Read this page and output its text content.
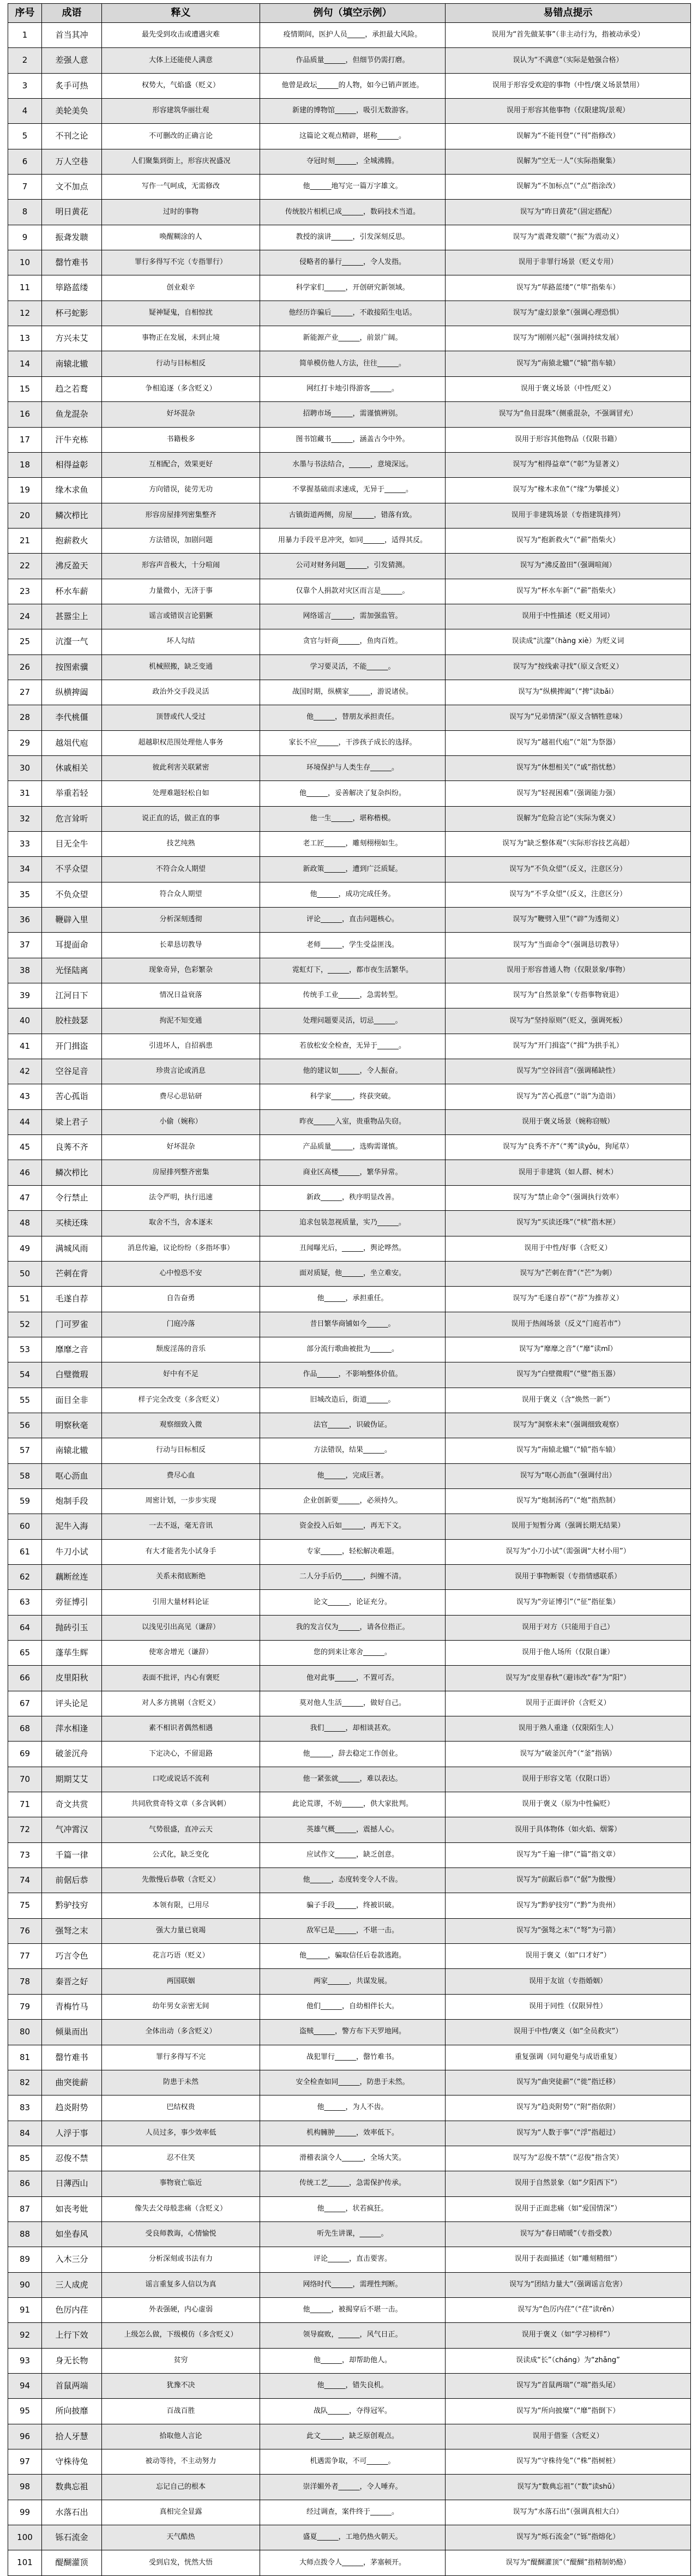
序号	成语	释义	例句（填空示例）	易错点提示
1	首当其冲	最先受到攻击或遭遇灾难	疫情期间，医护人员_____，承担最大风险。	误用为“首先做某事”（非主动行为，指被动承受）
2	差强人意	大体上还能使人满意	作品质量______，但细节仍需打磨。	误认为“不满意”（实际是勉强合格）
3	炙手可热	权势大，气焰盛（贬义）	他曾是政坛______的人物，如今已销声匿迹。	误用于形容受欢迎的事物（中性/褒义场景禁用）
4	美轮美奂	形容建筑华丽壮观	新建的博物馆______，吸引无数游客。	误用于形容其他事物（仅限建筑/景观）
5	不刊之论	不可删改的正确言论	这篇论文观点精辟，堪称______。	误解为“不能刊登”（“刊”指修改）
6	万人空巷	人们聚集到街上，形容庆祝盛况	夺冠时刻______，全城沸腾。	误解为“空无一人”（实际指聚集）
7	文不加点	写作一气呵成，无需修改	他______地写完一篇万字雄文。	误解为“不加标点”（“点”指涂改）
8	明日黄花	过时的事物	传统胶片相机已成______，数码技术当道。	误写为“昨日黄花”（固定搭配）
9	振聋发聩	唤醒糊涂的人	教授的演讲______，引发深刻反思。	误写为“震聋发聩”（“振”为震动义）
10	罄竹难书	罪行多得写不完（专指罪行）	侵略者的暴行______，令人发指。	误用于非罪行场景（贬义专用）
11	筚路蓝缕	创业艰辛	科学家们______，开创研究新领域。	误写为“荜路蓝缕”（“筚”指柴车）
12	杯弓蛇影	疑神疑鬼，自相惊扰	他经历诈骗后______，不敢接陌生电话。	误写为“虚幻景象”（强调心理恐惧）
13	方兴未艾	事物正在发展，未到止境	新能源产业______，前景广阔。	误写为“刚刚兴起”（强调持续发展）
14	南辕北辙	行动与目标相反	简单模仿他人方法，往往______。	误写为“南猿北辙”（“辕”指车辕）
15	趋之若鹜	争相追逐（多含贬义）	网红打卡地引得游客______。	误用于褒义场景（中性/贬义）
16	鱼龙混杂	好坏混杂	招聘市场______，需谨慎辨别。	误写为“鱼目混珠”（侧重混杂，不强调冒充）
17	汗牛充栋	书籍极多	图书馆藏书______，涵盖古今中外。	误用于形容其他物品（仅限书籍）
18	相得益彰	互相配合，效果更好	水墨与书法结合，______，意境深远。	误写为“相得益章”（“彰”为显著义）
19	缘木求鱼	方向错误，徒劳无功	不掌握基础而求速成，无异于______。	误写为“椽木求鱼”（“缘”为攀援义）
20	鳞次栉比	形容房屋排列密集整齐	古镇街道两侧，房屋______，错落有致。	误用于非建筑场景（专指建筑排列）
21	抱薪救火	方法错误，加剧问题	用暴力手段平息冲突，如同______，适得其反。	误写为“抱新救火”（“薪”指柴火）
22	沸反盈天	形容声音极大，十分喧闹	公司对财务问题______，引发猜测。	误写为“沸反盈田”（强调喧闹）
23	杯水车薪	力量微小，无济于事	仅靠个人捐款对灾区而言是______。	误写为“杯水车新”（“薪”指柴火）
24	甚嚣尘上	谣言或错误言论猖獗	网络谣言______，需加强监管。	误用于中性描述（贬义用词）
25	沆瀣一气	坏人勾结	贪官与奸商______，鱼肉百姓。	误读成“沆瀣”（hàng xiè）为贬义词
26	按图索骥	机械照搬，缺乏变通	学习要灵活，不能______。	误写为“按线索寻找”（原义含贬义）
27	纵横捭阖	政治外交手段灵活	战国时期，纵横家______，游说诸侯。	误写为“纵横捭阖”（“捭”读bǎi）
28	李代桃僵	顶替或代人受过	他______，替朋友承担责任。	误写为“兄弟情深”（原义含牺牲意味）
29	越俎代庖	超越职权范围处理他人事务	家长不应______，干涉孩子成长的选择。	误写为“越祖代庖”（“俎”为祭器）
30	休戚相关	彼此利害关联紧密	环境保护与人类生存______。	误写为“休想相关”（“戚”指忧愁）
31	举重若轻	处理难题轻松自如	他______，妥善解决了复杂纠纷。	误写为“轻视困难”（强调能力强）
32	危言耸听	说正直的话，做正直的事	他一生______，堪称楷模。	误解为“危险言论”（实际为褒义）
33	目无全牛	技艺纯熟	老工匠______，雕刻栩栩如生。	误写为“缺乏整体观”（实际形容技艺高超）
34	不孚众望	不符合众人期望	新政策______，遭到广泛质疑。	误写为“不负众望”（反义，注意区分）
35	不负众望	符合众人期望	他______，成功完成任务。	误写为“不孚众望”（反义，注意区分）
36	鞭辟入里	分析深刻透彻	评论______，直击问题核心。	误写为“鞭劈入里”（“辟”为透彻义）
37	耳提面命	长辈恳切教导	老师______，学生受益匪浅。	误写为“当面命令”（强调恳切教导）
38	光怪陆离	现象奇异，色彩繁杂	霓虹灯下，______，都市夜生活繁华。	误用于形容普通人物（仅限景象/事物）
39	江河日下	情况日益衰落	传统手工业______，急需转型。	误写为“自然景象”（专指事物衰退）
40	胶柱鼓瑟	拘泥不知变通	处理问题要灵活，切忌______。	误写为“坚持原则”（贬义，强调死板）
41	开门揖盗	引进坏人，自招祸患	若放松安全检查，无异于______。	误写为“开门揖盗”（“揖”为拱手礼）
42	空谷足音	珍贵言论或消息	他的建议如______，令人振奋。	误写为“空谷回音”（强调稀缺性）
43	苦心孤诣	费尽心思钻研	科学家______，终获突破。	误写为“苦心孤意”（“诣”为造诣）
44	梁上君子	小偷（婉称）	昨夜______入室，贵重物品失窃。	误用于褒义场景（婉称窃贼）
45	良莠不齐	好坏混杂	产品质量______，选购需谨慎。	误写为“良秀不齐”（“莠”读yǒu，狗尾草）
46	鳞次栉比	房屋排列整齐密集	商业区高楼______，繁华异常。	误用于非建筑（如人群、树木）
47	令行禁止	法令严明，执行迅速	新政______，秩序明显改善。	误写为“禁止命令”（强调执行效率）
48	买椟还珠	取舍不当，舍本逐末	追求包装忽视质量，实乃______。	误写为“买读还珠”（“椟”指木匣）
49	满城风雨	消息传遍，议论纷纷（多指坏事）	丑闻曝光后，______，舆论哗然。	误用于中性/好事（含贬义）
50	芒刺在背	心中惶恐不安	面对质疑，他______，坐立难安。	误写为“芒刺在背”（“芒”为刺）
51	毛遂自荐	自告奋勇	他______，承担重任。	误写为“毛遂自荐”（“荐”为推荐义）
52	门可罗雀	门庭冷落	昔日繁华商铺如今______。	误用于热闹场景（反义“门庭若市”）
53	靡靡之音	颓废淫荡的音乐	部分流行歌曲被批为______。	误写为“靡靡之音”（“靡”读mǐ）
54	白璧微瑕	好中有不足	作品______，不影响整体价值。	误写为“白壁微瑕”（“璧”指玉器）
55	面目全非	样子完全改变（多含贬义）	旧城改造后，街道______。	误用于褒义（含“焕然一新”）
56	明察秋毫	观察细致入微	法官______，识破伪证。	误写为“洞察未来”（强调细致观察）
57	南辕北辙	行动与目标相反	方法错误，结果______。	误写为“南辕北辙”（“辕”指车辕）
58	呕心沥血	费尽心血	他______，完成巨著。	误写为“呕心沥血”（强调付出）
59	炮制手段	周密计划，一步步实现	企业创新要______，必须持久。	误写为“炮制汤药”（“炮”指熬制）
60	泥牛入海	一去不返，毫无音讯	资金投入后如______，再无下文。	误用于短暂分离（强调长期无结果）
61	牛刀小试	有大才能者先小试身手	专家______，轻松解决难题。	误写为“小刀小试”（需强调“大材小用”）
62	藕断丝连	关系未彻底断绝	二人分手后仍______，纠缠不清。	误用于事物断裂（专指情感联系）
63	旁征博引	引用大量材料论证	论文______，论证充分。	误写为“旁证博引”（“征”指征集）
64	抛砖引玉	以浅见引出高见（谦辞）	我的发言仅为______，请各位指正。	误用于对方（只能用于自己）
65	蓬荜生辉	使寒舍增光（谦辞）	您的到来让寒舍______。	误用于他人场所（仅限自谦）
66	皮里阳秋	表面不批评，内心有褒贬	他对此事______，不置可否。	误写为“皮里春秋”（避讳改“春”为“阳”）
67	评头论足	对人多方挑剔（含贬义）	莫对他人生活______，做好自己。	误用于正面评价（含贬义）
68	萍水相逢	素不相识者偶然相遇	我们______，却相谈甚欢。	误用于熟人重逢（仅限陌生人）
69	破釜沉舟	下定决心，不留退路	他______，辞去稳定工作创业。	误写为“破釜沉舟”（“釜”指锅）
70	期期艾艾	口吃或说话不流利	他一紧张就______，难以表达。	误用于形容文笔（仅限口语）
71	奇文共赏	共同欣赏奇特文章（多含讽刺）	此论荒谬，不妨______，供大家批判。	误用于褒义（原为中性偏贬）
72	气冲霄汉	气势很盛，直冲云天	英雄气概______，震撼人心。	误用于具体物体（如火焰、烟雾）
73	千篇一律	公式化，缺乏变化	应试作文______，缺乏创意。	误写为“千遍一律”（“篇”指文章）
74	前倨后恭	先傲慢后恭敬（含贬义）	他______，态度转变令人不齿。	误写为“前踞后恭”（“倨”为傲慢）
75	黔驴技穷	本领有限，已用尽	骗子手段______，终被识破。	误写为“黔驴技穷”（“黔”为贵州）
76	强弩之末	强大力量已衰竭	敌军已是______，不堪一击。	误写为“强驽之末”（“弩”为弓箭）
77	巧言令色	花言巧语（贬义）	他______，骗取信任后卷款逃跑。	误用于褒义（如“口才好”）
78	秦晋之好	两国联姻	两家______，共谋发展。	误用于友谊（专指婚姻）
79	青梅竹马	幼年男女亲密无间	他们______，自幼相伴长大。	误用于同性（仅限异性）
80	倾巢而出	全体出动（多含贬义）	盗贼______，警方布下天罗地网。	误用于中性/褒义（如“全员救灾”）
81	罄竹难书	罪行多得写不完	战犯罪行______，罄竹难书。	重复强调（同句避免与成语重复）
82	曲突徙薪	防患于未然	安全检查如同______，防患于未然。	误写为“曲突徒薪”（“徙”指迁移）
83	趋炎附势	巴结权贵	他______，为人不齿。	误写为“趋炎附势”（“附”指依附）
84	人浮于事	人员过多，事少效率低	机构臃肿______，效率低下。	误写为“人数于事”（“浮”指超过）
85	忍俊不禁	忍不住笑	滑稽表演令人______，全场大笑。	误写为“忍俊不禁”（“忍俊”指含笑）
86	日薄西山	事物衰亡临近	传统工艺______，急需保护传承。	误用于自然景象（如“夕阳西下”）
87	如丧考妣	像失去父母般悲痛（含贬义）	他______，状若疯狂。	误用于正面悲痛（如“爱国情深”）
88	如坐春风	受良师教诲，心情愉悦	听先生讲课，______。	误写为“春日晴暖”（专指受教）
89	入木三分	分析深刻或书法有力	评论______，直击要害。	误用于表面描述（如“雕刻精细”）
90	三人成虎	谣言重复多人信以为真	网络时代______，需理性判断。	误写为“团结力量大”（强调谣言危害）
91	色厉内荏	外表强硬，内心虚弱	他______，被揭穿后不堪一击。	误写为“色厉内荏”（“荏”读rěn）
92	上行下效	上级怎么做，下级模仿（多含贬义）	领导腐败，______，风气日正。	误用于褒义（如“学习榜样”）
93	身无长物	贫穷	他______，却帮助他人。	误读成“长”（cháng）为“zhǎng”
94	首鼠两端	犹豫不决	他______，错失良机。	误写为“首鼠两瑞”（“端”指头尾）
95	所向披靡	百战百胜	战队______，夺得冠军。	误写为“所向披糜”（“靡”指倒下）
96	拾人牙慧	拾取他人言论	此文______，缺乏原创观点。	误用于借鉴（含贬义）
97	守株待兔	被动等待，不主动努力	机遇需争取，不可______。	误写为“守株待兔”（“株”指树桩）
98	数典忘祖	忘记自己的根本	崇洋媚外者______，令人唾弃。	误写为“数典忘祖”（“数”读shǔ）
99	水落石出	真相完全显露	经过调查，案件终于______。	误写为“水落石出”（强调真相大白）
100	铄石流金	天气酷热	盛夏______，工地仍热火朝天。	误写为“烁石流金”（“铄”指熔化）
101	醍醐灌顶	受到启发，恍然大悟	大师点拨令人______，茅塞顿开。	误写为“醍醐灌顶”（“醍醐”指精制奶酪）
